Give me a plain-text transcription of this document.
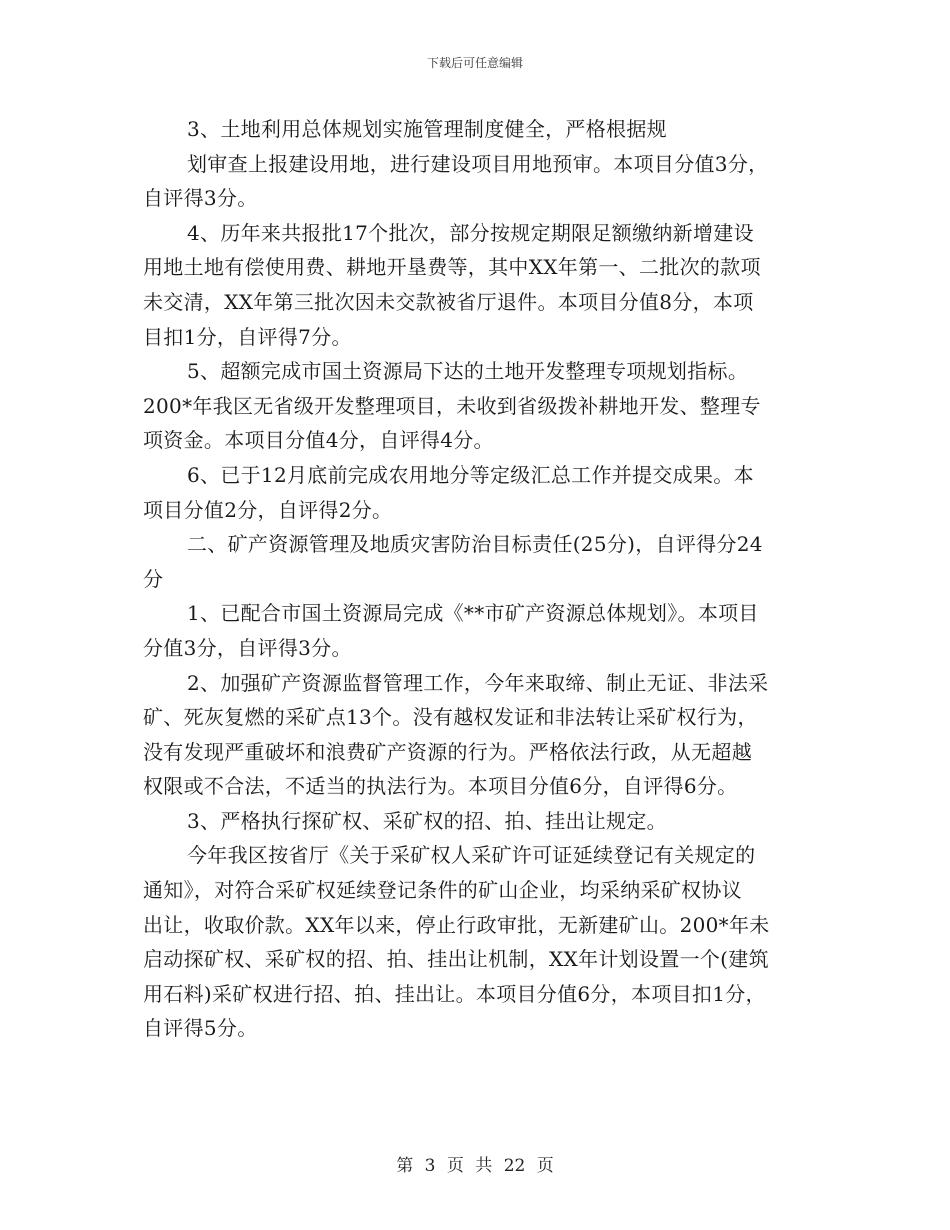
下载后可任意编辑
3、土地利用总体规划实施管理制度健全，严格根据规
划审查上报建设用地，进行建设项目用地预审。本项目分值3分，
自评得3分。
4、历年来共报批17个批次，部分按规定期限足额缴纳新增建设
用地土地有偿使用费、耕地开垦费等，其中XX年第一、二批次的款项
未交清，XX年第三批次因未交款被省厅退件。本项目分值8分，本项
目扣1分，自评得7分。
5、超额完成市国土资源局下达的土地开发整理专项规划指标。
200*年我区无省级开发整理项目，未收到省级拨补耕地开发、整理专
项资金。本项目分值4分，自评得4分。
6、已于12月底前完成农用地分等定级汇总工作并提交成果。本
项目分值2分，自评得2分。
二、矿产资源管理及地质灾害防治目标责任(25分)，自评得分24
分
1、已配合市国土资源局完成《**市矿产资源总体规划》。本项目
分值3分，自评得3分。
2、加强矿产资源监督管理工作，今年来取缔、制止无证、非法采
矿、死灰复燃的采矿点13个。没有越权发证和非法转让采矿权行为，
没有发现严重破坏和浪费矿产资源的行为。严格依法行政，从无超越
权限或不合法，不适当的执法行为。本项目分值6分，自评得6分。
3、严格执行探矿权、采矿权的招、拍、挂出让规定。
今年我区按省厅《关于采矿权人采矿许可证延续登记有关规定的
通知》，对符合采矿权延续登记条件的矿山企业，均采纳采矿权协议
出让，收取价款。XX年以来，停止行政审批，无新建矿山。200*年未
启动探矿权、采矿权的招、拍、挂出让机制，XX年计划设置一个(建筑
用石料)采矿权进行招、拍、挂出让。本项目分值6分，本项目扣1分，
自评得5分。
第 3 页 共 22 页
